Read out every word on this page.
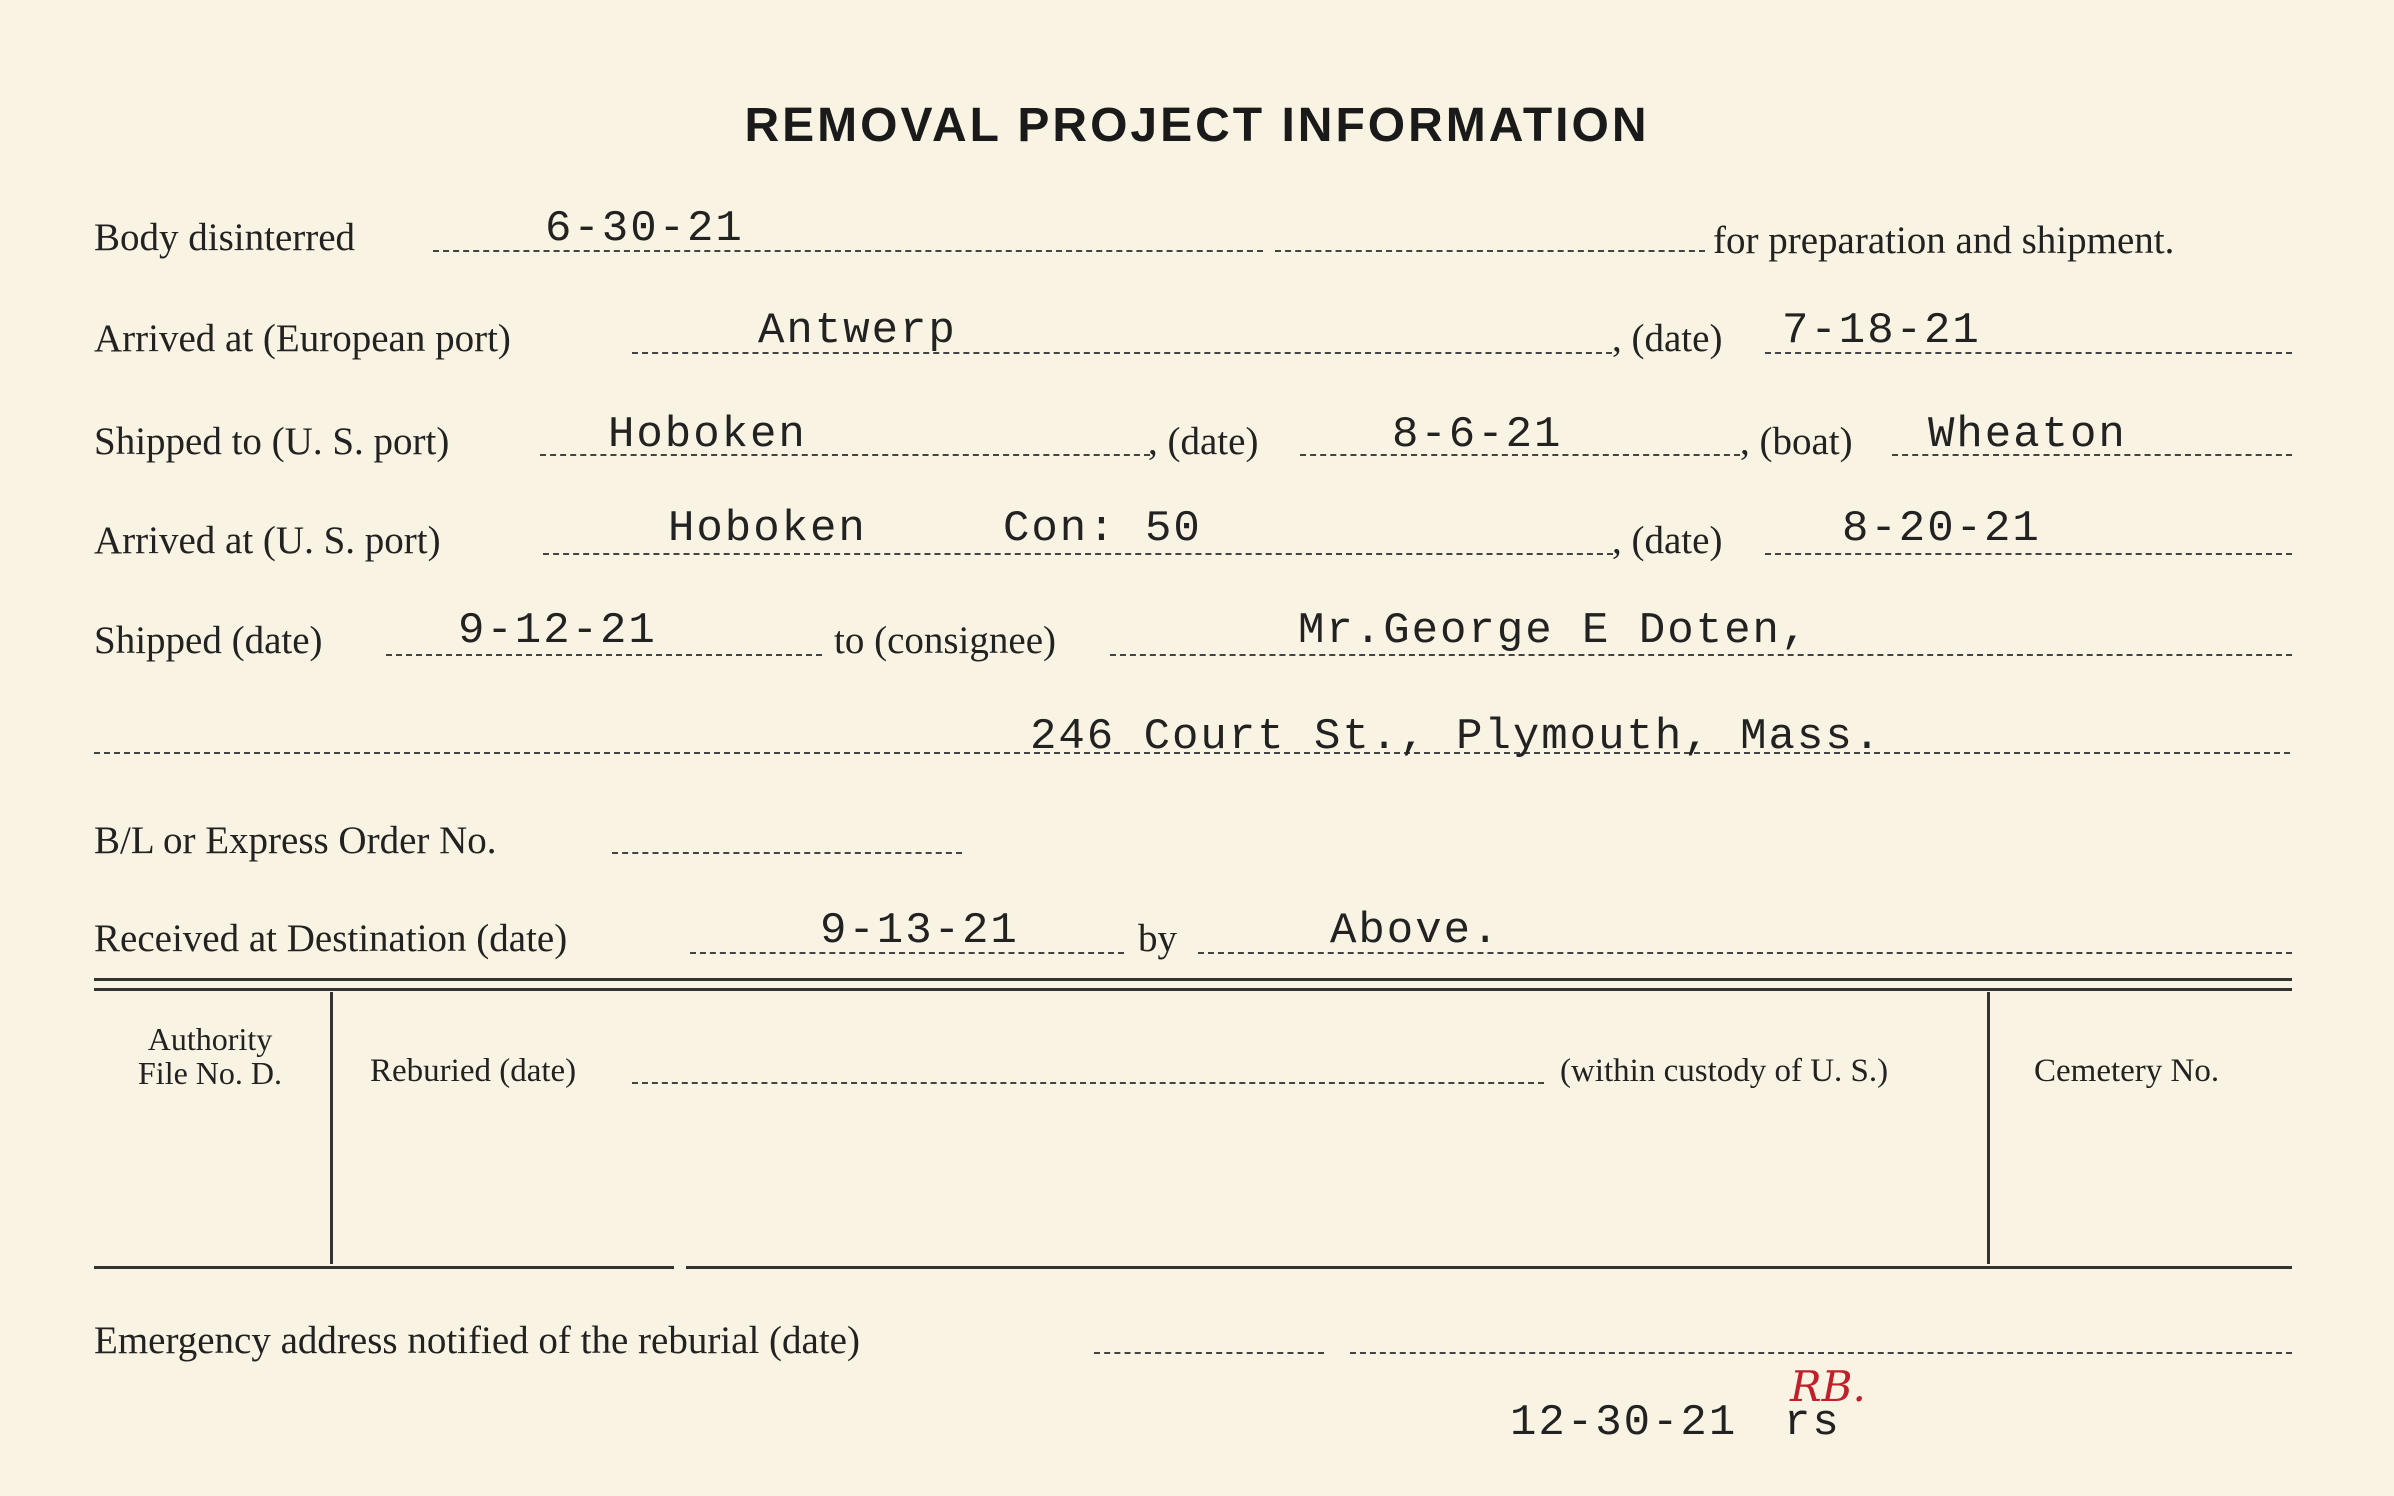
REMOVAL PROJECT INFORMATION
Body disinterred	6-30-21	for preparation and shipment.
Arrived at (European port)	Antwerp	, (date) 7-18-21
Shipped to (U. S. port)	Hoboken	, (date)	8-6-21	, (boat) Wheaton
Arrived at (U. S. port)	Hoboken	Con: 50	, (date)	8-20-21
Shipped (date)	9-12-21	to (consignee)	Mr.George E Doten,
246 Court St., Plymouth, Mass.
B/L or Express Order No.
Received at Destination (date)	9-13-21	by	Above.
Authority
File No. D.	Reburied (date)	(within custody of U. S.)	Cemetery No.
Emergency address notified of the reburial (date)
12-30-21 rs
RB.
